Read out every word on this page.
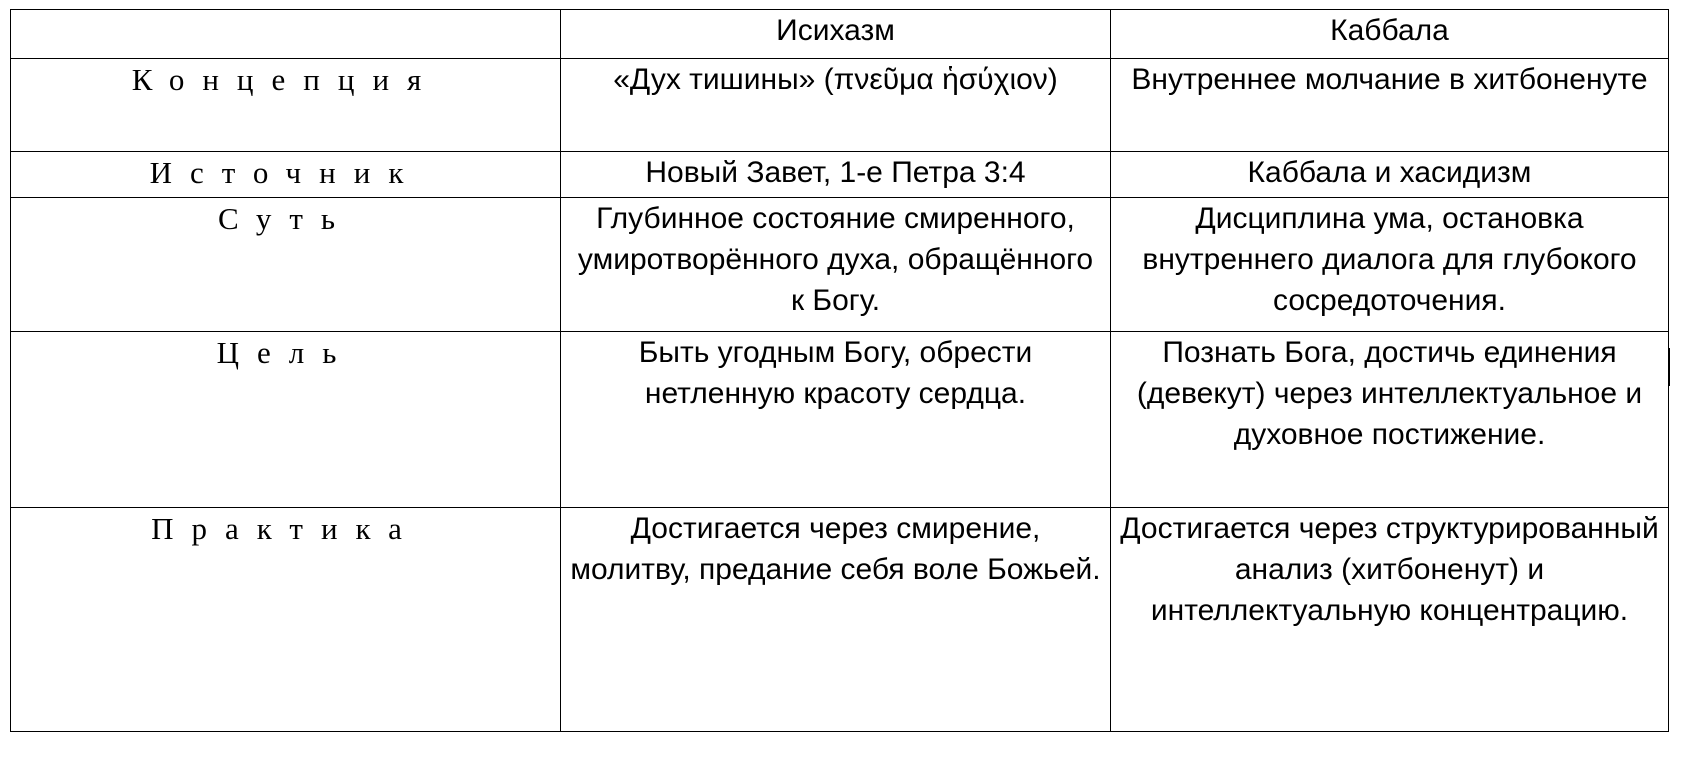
	Исихазм	Каббала
Концепция	«Дух тишины» (πνεῦμα ἡσύχιον)	Внутреннее молчание в хитбоненуте
Источник	Новый Завет, 1-е Петра 3:4	Каббала и хасидизм
Суть	Глубинное состояние смиренного, умиротворённого духа, обращённого к Богу.	Дисциплина ума, остановка внутреннего диалога для глубокого сосредоточения.
Цель	Быть угодным Богу, обрести нетленную красоту сердца.	Познать Бога, достичь единения (девекут) через интеллектуальное и духовное постижение.
Практика	Достигается через смирение, молитву, предание себя воле Божьей.	Достигается через структурированный анализ (хитбоненут) и интеллектуальную концентрацию.
